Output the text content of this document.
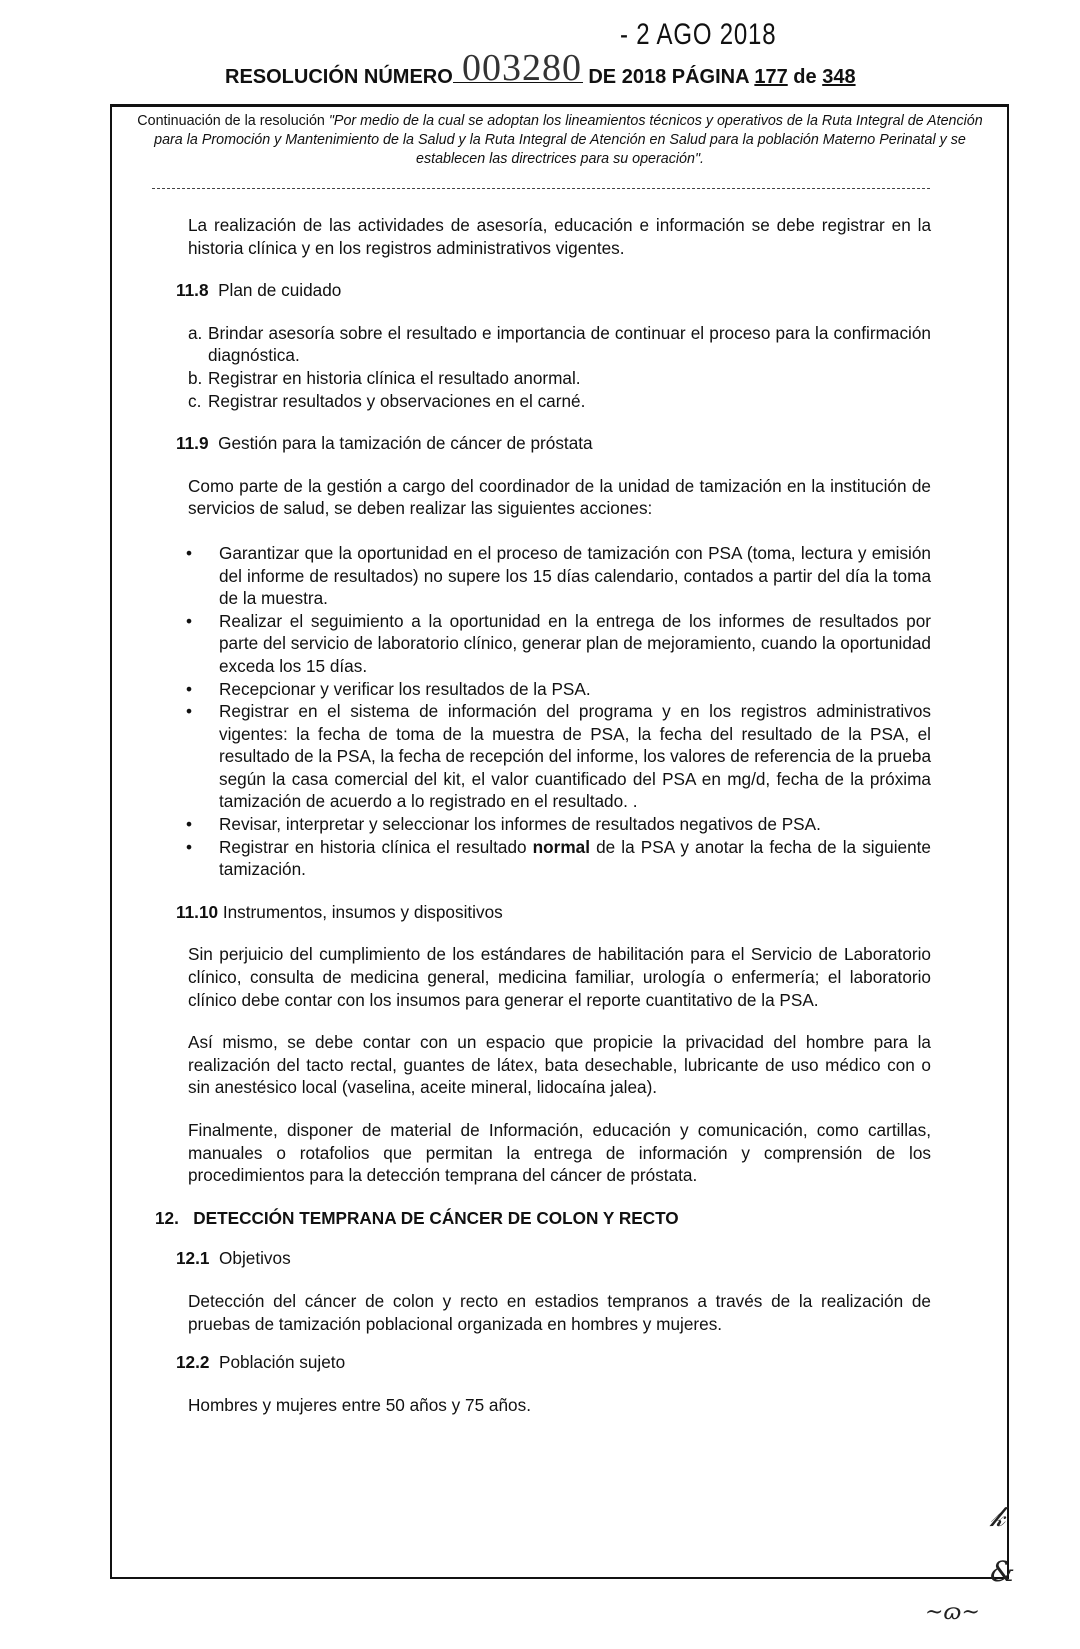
- 2 AGO 2018
003280
RESOLUCIÓN NÚMERO	DE 2018 PÁGINA 177 de 348
Continuación de la resolución "Por medio de la cual se adoptan los lineamientos técnicos y operativos de la Ruta Integral de Atención para la Promoción y Mantenimiento de la Salud y la Ruta Integral de Atención en Salud para la población Materno Perinatal y se establecen las directrices para su operación".

La realización de las actividades de asesoría, educación e información se debe registrar en la historia clínica y en los registros administrativos vigentes.

11.8 Plan de cuidado
a. Brindar asesoría sobre el resultado e importancia de continuar el proceso para la confirmación diagnóstica.

b. Registrar en historia clínica el resultado anormal.

c. Registrar resultados y observaciones en el carné.

11.9 Gestión para la tamización de cáncer de próstata

Como parte de la gestión a cargo del coordinador de la unidad de tamización en la institución de servicios de salud, se deben realizar las siguientes acciones:

•	Garantizar que la oportunidad en el proceso de tamización con PSA (toma, lectura y emisión del informe de resultados) no supere los 15 días calendario, contados a partir del día la toma de la muestra.
•	Realizar el seguimiento a la oportunidad en la entrega de los informes de resultados por parte del servicio de laboratorio clínico, generar plan de mejoramiento, cuando la oportunidad exceda los 15 días.
•	Recepcionar y verificar los resultados de la PSA.
•	Registrar en el sistema de información del programa y en los registros administrativos vigentes: la fecha de toma de la muestra de PSA, la fecha del resultado de la PSA, el resultado de la PSA, la fecha de recepción del informe, los valores de referencia de la prueba según la casa comercial del kit, el valor cuantificado del PSA en mg/d, fecha de la próxima tamización de acuerdo a lo registrado en el resultado. .
•	Revisar, interpretar y seleccionar los informes de resultados negativos de PSA.
•	Registrar en historia clínica el resultado normal de la PSA y anotar la fecha de la siguiente tamización.
11.10 Instrumentos, insumos y dispositivos

Sin perjuicio del cumplimiento de los estándares de habilitación para el Servicio de Laboratorio clínico, consulta de medicina general, medicina familiar, urología o enfermería; el laboratorio clínico debe contar con los insumos para generar el reporte cuantitativo de la PSA.

Así mismo, se debe contar con un espacio que propicie la privacidad del hombre para la realización del tacto rectal, guantes de látex, bata desechable, lubricante de uso médico con o sin anestésico local (vaselina, aceite mineral, lidocaína jalea).

Finalmente, disponer de material de Información, educación y comunicación, como cartillas, manuales o rotafolios que permitan la entrega de información y comprensión de los procedimientos para la detección temprana del cáncer de próstata.

12. DETECCIÓN TEMPRANA DE CÁNCER DE COLON Y RECTO
12.1 Objetivos

Detección del cáncer de colon y recto en estadios tempranos a través de la realización de pruebas de tamización poblacional organizada en hombres y mujeres.

12.2 Población sujeto

Hombres y mujeres entre 50 años y 75 años.

𝓀
&
~ɷ~
